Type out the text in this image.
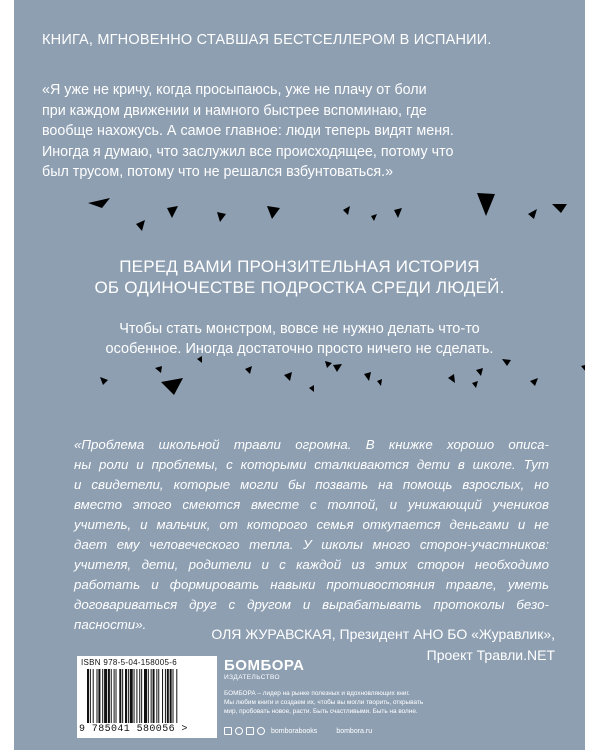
КНИГА, МГНОВЕННО СТАВШАЯ БЕСТСЕЛЛЕРОМ В ИСПАНИИ.

«Я уже не кричу, когда просыпаюсь, уже не плачу от боли
при каждом движении и намного быстрее вспоминаю, где
вообще нахожусь. А самое главное: люди теперь видят меня.
Иногда я думаю, что заслужил все происходящее, потому что
был трусом, потому что не решался взбунтоваться.»
ПЕРЕД ВАМИ ПРОНЗИТЕЛЬНАЯ ИСТОРИЯ
ОБ ОДИНОЧЕСТВЕ ПОДРОСТКА СРЕДИ ЛЮДЕЙ.
Чтобы стать монстром, вовсе не нужно делать что-то
особенное. Иногда достаточно просто ничего не сделать.
«Проблема школьной травли огромна. В книжке хорошо описа-
ны роли и проблемы, с которыми сталкиваются дети в школе. Тут
и свидетели, которые могли бы позвать на помощь взрослых, но
вместо этого смеются вместе с толпой, и унижающий учеников
учитель, и мальчик, от которого семья откупается деньгами и не
дает ему человеческого тепла. У школы много сторон-участников:
учителя, дети, родители и с каждой из этих сторон необходимо
работать и формировать навыки противостояния травле, уметь
договариваться друг с другом и вырабатывать протоколы безо-
пасности».
ОЛЯ ЖУРАВСКАЯ, Президент АНО БО «Журавлик»,
Проект Травли.NET
ISBN 978-5-04-158005-6
9 785041 580056 >
БОМБОРА
ИЗДАТЕЛЬСТВО
БОМБОРА – лидер на рынке полезных и вдохновляющих книг.
Мы любим книги и создаем их, чтобы вы могли творить, открывать
мир, пробовать новое, расти. Быть счастливыми. Быть на волне.
bomborabooks	bombora.ru
